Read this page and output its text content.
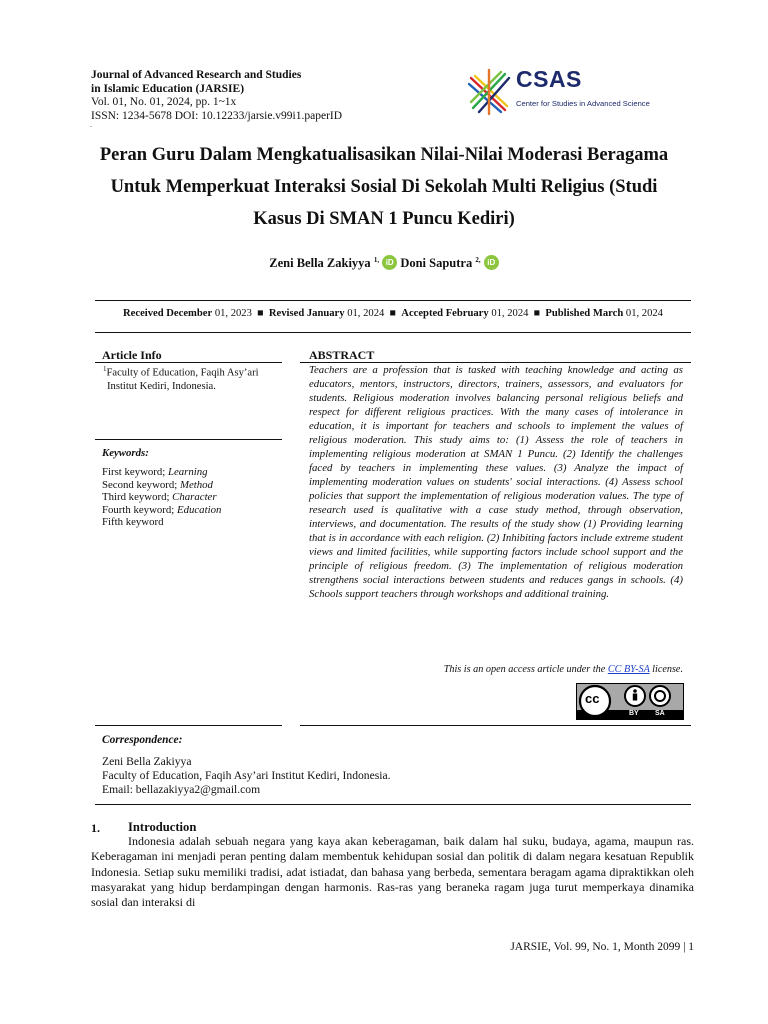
Journal of Advanced Research and Studies
in Islamic Education (JARSIE)
Vol. 01, No. 01, 2024, pp. 1~1x
ISSN: 1234-5678 DOI: 10.12233/jarsie.v99i1.paperID
.
CSAS
Center for Studies in Advanced Science
Peran Guru Dalam Mengkatualisasikan Nilai-Nilai Moderasi Beragama Untuk Memperkuat Interaksi Sosial Di Sekolah Multi Religius (Studi Kasus Di SMAN 1 Puncu Kediri)
Zeni Bella Zakiyya $^{1,}$ iD Doni Saputra $^{2,}$ iD
Received December 01, 2023  ■  Revised January 01, 2024  ■  Accepted February 01, 2024  ■  Published March 01, 2024
Article Info
$^1$Faculty of Education, Faqih Asy’ari
Institut Kediri, Indonesia.
Keywords:
First keyword; Learning
Second keyword; Method
Third keyword; Character
Fourth keyword; Education
Fifth keyword
ABSTRACT
Teachers are a profession that is tasked with teaching knowledge and acting as educators, mentors, instructors, directors, trainers, assessors, and evaluators for students. Religious moderation involves balancing personal religious beliefs and respect for different religious practices. With the many cases of intolerance in education, it is important for teachers and schools to implement the values of religious moderation. This study aims to: (1) Assess the role of teachers in implementing religious moderation at SMAN 1 Puncu. (2) Identify the challenges faced by teachers in implementing these values. (3) Analyze the impact of implementing moderation values on students' social interactions. (4) Assess school policies that support the implementation of religious moderation values. The type of research used is qualitative with a case study method, through observation, interviews, and documentation. The results of the study show (1) Providing learning that is in accordance with each religion. (2) Inhibiting factors include extreme student views and limited facilities, while supporting factors include school support and the principle of religious freedom. (3) The implementation of religious moderation strengthens social interactions between students and reduces gangs in schools. (4) Schools support teachers through workshops and additional training.
This is an open access article under the CC BY-SA license.
cc
BY SA
Correspondence:
Zeni Bella Zakiyya
Faculty of Education, Faqih Asy’ari Institut Kediri, Indonesia.
Email: bellazakiyya2@gmail.com
1. Introduction
Indonesia adalah sebuah negara yang kaya akan keberagaman, baik dalam hal suku, budaya, agama, maupun ras. Keberagaman ini menjadi peran penting dalam membentuk kehidupan sosial dan politik di dalam negara kesatuan Republik Indonesia. Setiap suku memiliki tradisi, adat istiadat, dan bahasa yang berbeda, sementara beragam agama dipraktikkan oleh masyarakat yang hidup berdampingan dengan harmonis. Ras-ras yang beraneka ragam juga turut memperkaya dinamika sosial dan interaksi di
JARSIE, Vol. 99, No. 1, Month 2099 | 1
